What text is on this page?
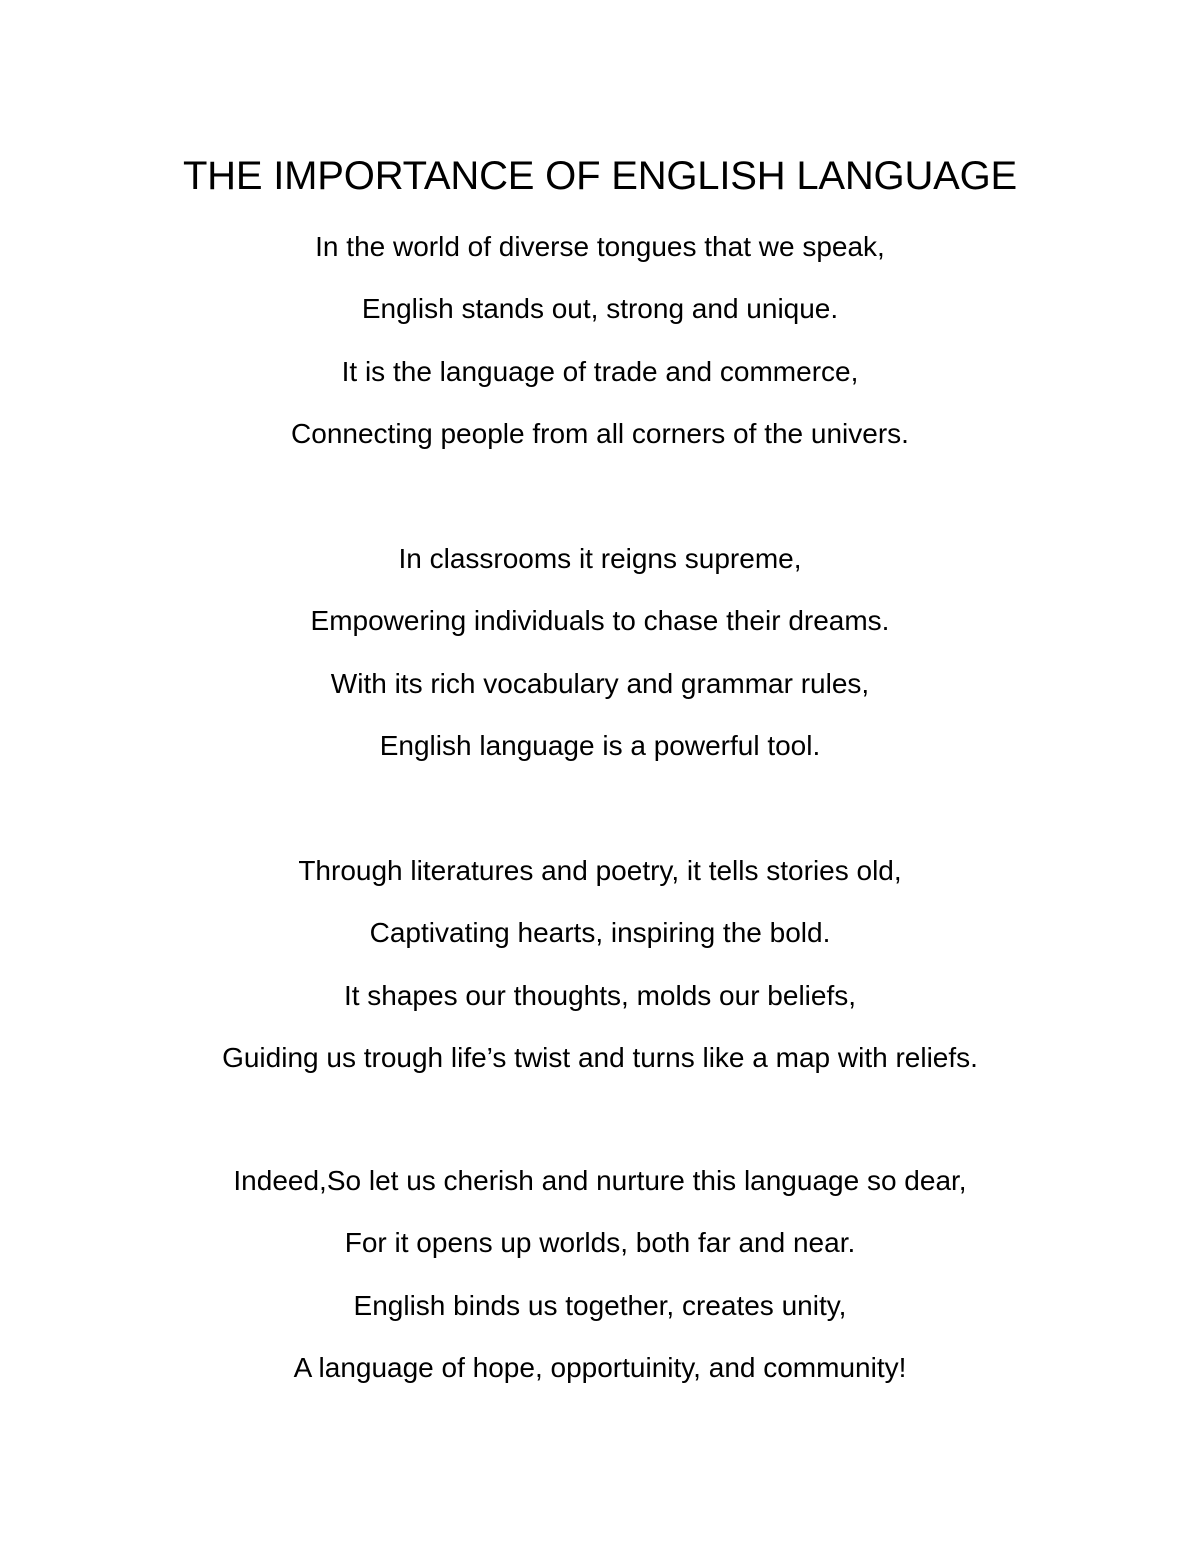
THE IMPORTANCE OF ENGLISH LANGUAGE
In the world of diverse tongues that we speak,
English stands out, strong and unique.
It is the language of trade and commerce,
Connecting people from all corners of the univers.
In classrooms it reigns supreme,
Empowering individuals to chase their dreams.
With its rich vocabulary and grammar rules,
English language is a powerful tool.
Through literatures and poetry, it tells stories old,
Captivating hearts, inspiring the bold.
It shapes our thoughts, molds our beliefs,
Guiding us trough life’s twist and turns like a map with reliefs.
Indeed,So let us cherish and nurture this language so dear,
For it opens up worlds, both far and near.
English binds us together, creates unity,
A language of hope, opportuinity, and community!
